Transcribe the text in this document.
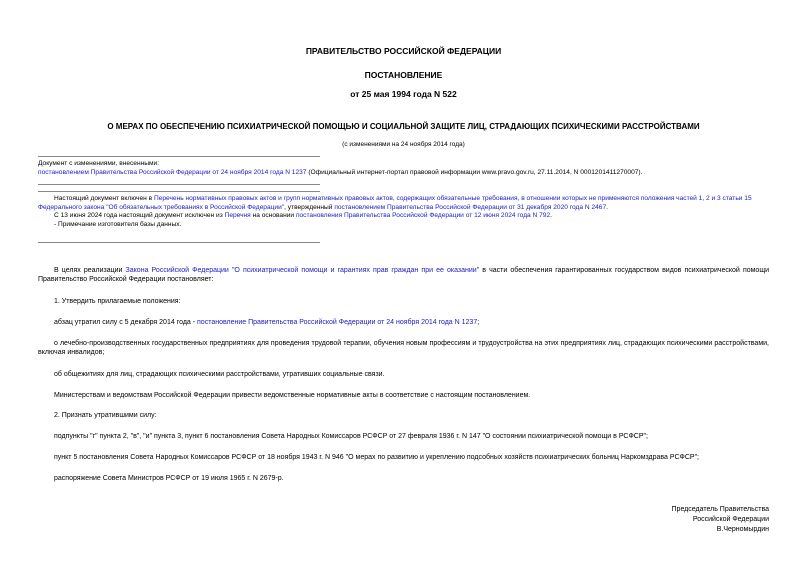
ПРАВИТЕЛЬСТВО РОССИЙСКОЙ ФЕДЕРАЦИИ
ПОСТАНОВЛЕНИЕ
от 25 мая 1994 года N 522
О МЕРАХ ПО ОБЕСПЕЧЕНИЮ ПСИХИАТРИЧЕСКОЙ ПОМОЩЬЮ И СОЦИАЛЬНОЙ ЗАЩИТЕ ЛИЦ, СТРАДАЮЩИХ ПСИХИЧЕСКИМИ РАССТРОЙСТВАМИ
(с изменениями на 24 ноября 2014 года)
Документ с изменениями, внесенными:
постановлением Правительства Российской Федерации от 24 ноября 2014 года N 1237 (Официальный интернет-портал правовой информации www.pravo.gov.ru, 27.11.2014, N 0001201411270007).
Настоящий документ включен в Перечень нормативных правовых актов и групп нормативных правовых актов, содержащих обязательные требования, в отношении которых не применяются положения частей 1, 2 и 3 статьи 15 Федерального закона "Об обязательных требованиях в Российской Федерации", утвержденный постановлением Правительства Российской Федерации от 31 декабря 2020 года N 2467.
С 13 июня 2024 года настоящий документ исключен из Перечня на основании постановления Правительства Российской Федерации от 12 июня 2024 года N 792.
- Примечание изготовителя базы данных.
В целях реализации Закона Российской Федерации "О психиатрической помощи и гарантиях прав граждан при ее оказании" в части обеспечения гарантированных государством видов психиатрической помощи Правительство Российской Федерации постановляет:
1. Утвердить прилагаемые положения:
абзац утратил силу с 5 декабря 2014 года - постановление Правительства Российской Федерации от 24 ноября 2014 года N 1237;
о лечебно-производственных государственных предприятиях для проведения трудовой терапии, обучения новым профессиям и трудоустройства на этих предприятиях лиц, страдающих психическими расстройствами, включая инвалидов;
об общежитиях для лиц, страдающих психическими расстройствами, утративших социальные связи.
Министерствам и ведомствам Российской Федерации привести ведомственные нормативные акты в соответствие с настоящим постановлением.
2. Признать утратившими силу:
подпункты "г" пункта 2, "в", "и" пункта 3, пункт 6 постановления Совета Народных Комиссаров РСФСР от 27 февраля 1936 г. N 147 "О состоянии психиатрической помощи в РСФСР";
пункт 5 постановления Совета Народных Комиссаров РСФСР от 18 ноября 1943 г. N 946 "О мерах по развитию и укреплению подсобных хозяйств психиатрических больниц Наркомздрава РСФСР";
распоряжение Совета Министров РСФСР от 19 июля 1965 г. N 2679-р.
Председатель Правительства
Российской Федерации
В.Черномырдин
